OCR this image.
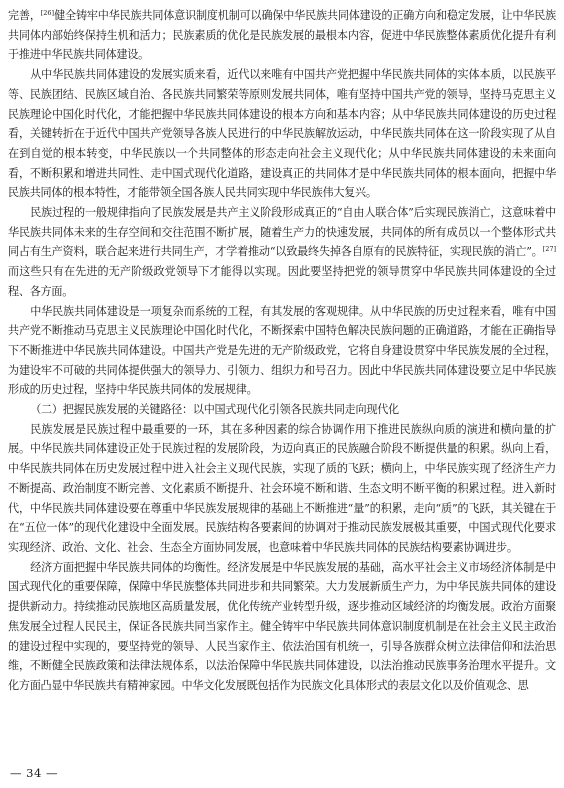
完善，[26]健全铸牢中华民族共同体意识制度机制可以确保中华民族共同体建设的正确方向和稳定发展，让中华民族共同体内部始终保持生机和活力；民族素质的优化是民族发展的最根本内容，促进中华民族整体素质优化提升有利于推进中华民族共同体建设。

从中华民族共同体建设的发展实质来看，近代以来唯有中国共产党把握中华民族共同体的实体本质，以民族平等、民族团结、民族区域自治、各民族共同繁荣等原则发展共同体，唯有坚持中国共产党的领导，坚持马克思主义民族理论中国化时代化，才能把握中华民族共同体建设的根本方向和基本内容；从中华民族共同体建设的历史过程看，关键转折在于近代中国共产党领导各族人民进行的中华民族解放运动，中华民族共同体在这一阶段实现了从自在到自觉的根本转变，中华民族以一个共同整体的形态走向社会主义现代化；从中华民族共同体建设的未来面向看，不断积累和增进共同性、走中国式现代化道路，建设真正的共同体才是中华民族共同体的根本面向，把握中华民族共同体的根本特性，才能带领全国各族人民共同实现中华民族伟大复兴。

民族过程的一般规律指向了民族发展是共产主义阶段形成真正的“自由人联合体”后实现民族消亡，这意味着中华民族共同体未来的生存空间和交往范围不断扩展，随着生产力的快速发展，共同体的所有成员以一个整体形式共同占有生产资料，联合起来进行共同生产，才学着推动“以致最终失掉各自原有的民族特征，实现民族的消亡”。[27]而这些只有在先进的无产阶级政党领导下才能得以实现。因此要坚持把党的领导贯穿中华民族共同体建设的全过程、各方面。

中华民族共同体建设是一项复杂而系统的工程，有其发展的客观规律。从中华民族的历史过程来看，唯有中国共产党不断推动马克思主义民族理论中国化时代化，不断探索中国特色解决民族问题的正确道路，才能在正确指导下不断推进中华民族共同体建设。中国共产党是先进的无产阶级政党，它将自身建设贯穿中华民族发展的全过程，为建设牢不可破的共同体提供强大的领导力、引领力、组织力和号召力。因此中华民族共同体建设要立足中华民族形成的历史过程，坚持中华民族共同体的发展规律。

（二）把握民族发展的关键路径：以中国式现代化引领各民族共同走向现代化

民族发展是民族过程中最重要的一环，其在多种因素的综合协调作用下推进民族纵向质的演进和横向量的扩展。中华民族共同体建设正处于民族过程的发展阶段，为迈向真正的民族融合阶段不断提供量的积累。纵向上看，中华民族共同体在历史发展过程中进入社会主义现代民族，实现了质的飞跃；横向上，中华民族实现了经济生产力不断提高、政治制度不断完善、文化素质不断提升、社会环境不断和谐、生态文明不断平衡的积累过程。进入新时代，中华民族共同体建设要在尊重中华民族发展规律的基础上不断推进“量”的积累，走向“质”的飞跃，其关键在于在“五位一体”的现代化建设中全面发展。民族结构各要素间的协调对于推动民族发展极其重要，中国式现代化要求实现经济、政治、文化、社会、生态全方面协同发展，也意味着中华民族共同体的民族结构要素协调进步。

经济方面把握中华民族共同体的均衡性。经济发展是中华民族发展的基础，高水平社会主义市场经济体制是中国式现代化的重要保障，保障中华民族整体共同进步和共同繁荣。大力发展新质生产力，为中华民族共同体的建设提供新动力。持续推动民族地区高质量发展，优化传统产业转型升级，逐步推动区域经济的均衡发展。政治方面聚焦发展全过程人民民主，保证各民族共同当家作主。健全铸牢中华民族共同体意识制度机制是在社会主义民主政治的建设过程中实现的，要坚持党的领导、人民当家作主、依法治国有机统一，引导各族群众树立法律信仰和法治思维，不断健全民族政策和法律法规体系，以法治保障中华民族共同体建设，以法治推动民族事务治理水平提升。文化方面凸显中华民族共有精神家园。中华文化发展既包括作为民族文化具体形式的表层文化以及价值观念、思

— 34 —
